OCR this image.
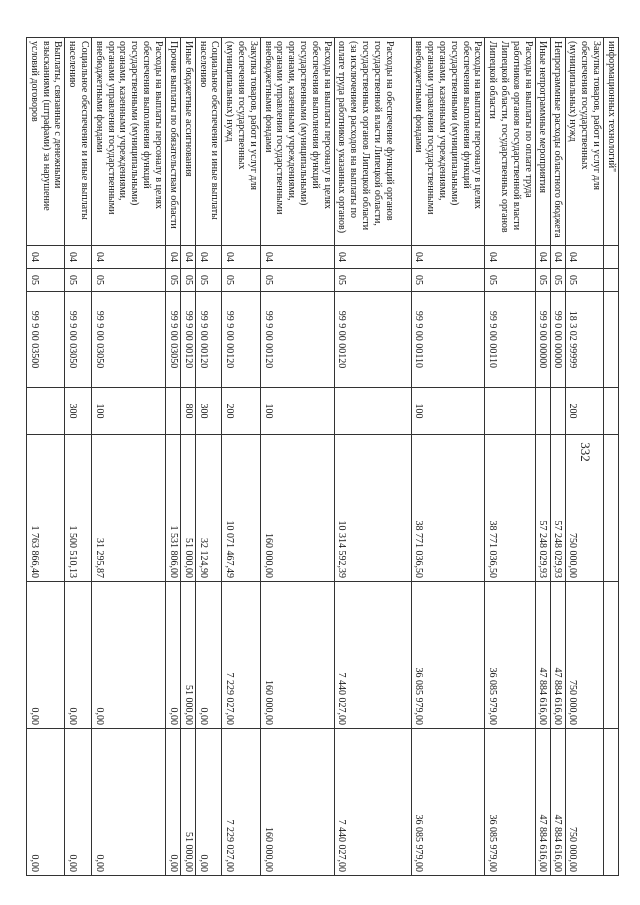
332
информационных технологий"							
Закупка товаров, работ и услуг для обеспечения государственных (муниципальных) нужд	04	05	18 3 02 99999	200	750 000,00	750 000,00	750 000,00
Непрограммные расходы областного бюджета	04	05	99 0 00 00000		57 248 029,93	47 884 616,00	47 884 616,00
Иные непрограммные мероприятия	04	05	99 9 00 00000		57 248 029,93	47 884 616,00	47 884 616,00
Расходы на выплаты по оплате труда работников органов государственной власти Липецкой области, государственных органов Липецкой области	04	05	99 9 00 00110		38 771 036,50	36 085 979,00	36 085 979,00
Расходы на выплаты персоналу в целях обеспечения выполнения функций государственными (муниципальными) органами, казенными учреждениями, органами управления государственными внебюджетными фондами	04	05	99 9 00 00110	100	38 771 036,50	36 085 979,00	36 085 979,00
Расходы на обеспечение функций органов государственной власти Липецкой области, государственных органов Липецкой области (за исключением расходов на выплаты по оплате труда работников указанных органов)	04	05	99 9 00 00120		10 314 592,39	7 440 027,00	7 440 027,00
Расходы на выплаты персоналу в целях обеспечения выполнения функций государственными (муниципальными) органами, казенными учреждениями, органами управления государственными внебюджетными фондами	04	05	99 9 00 00120	100	160 000,00	160 000,00	160 000,00
Закупка товаров, работ и услуг для обеспечения государственных (муниципальных) нужд	04	05	99 9 00 00120	200	10 071 467,49	7 229 027,00	7 229 027,00
Социальное обеспечение и иные выплаты населению	04	05	99 9 00 00120	300	32 124,90	0,00	0,00
Иные бюджетные ассигнования	04	05	99 9 00 00120	800	51 000,00	51 000,00	51 000,00
Прочие выплаты по обязательствам области	04	05	99 9 00 03050		1 531 806,00	0,00	0,00
Расходы на выплаты персоналу в целях обеспечения выполнения функций государственными (муниципальными) органами, казенными учреждениями, органами управления государственными внебюджетными фондами	04	05	99 9 00 03050	100	31 295,87	0,00	0,00
Социальное обеспечение и иные выплаты населению	04	05	99 9 00 03050	300	1 500 510,13	0,00	0,00
Выплаты, связанные с денежными взысканиями (штрафами) за нарушение условий договоров	04	05	99 9 00 03500		1 763 866,40	0,00	0,00
